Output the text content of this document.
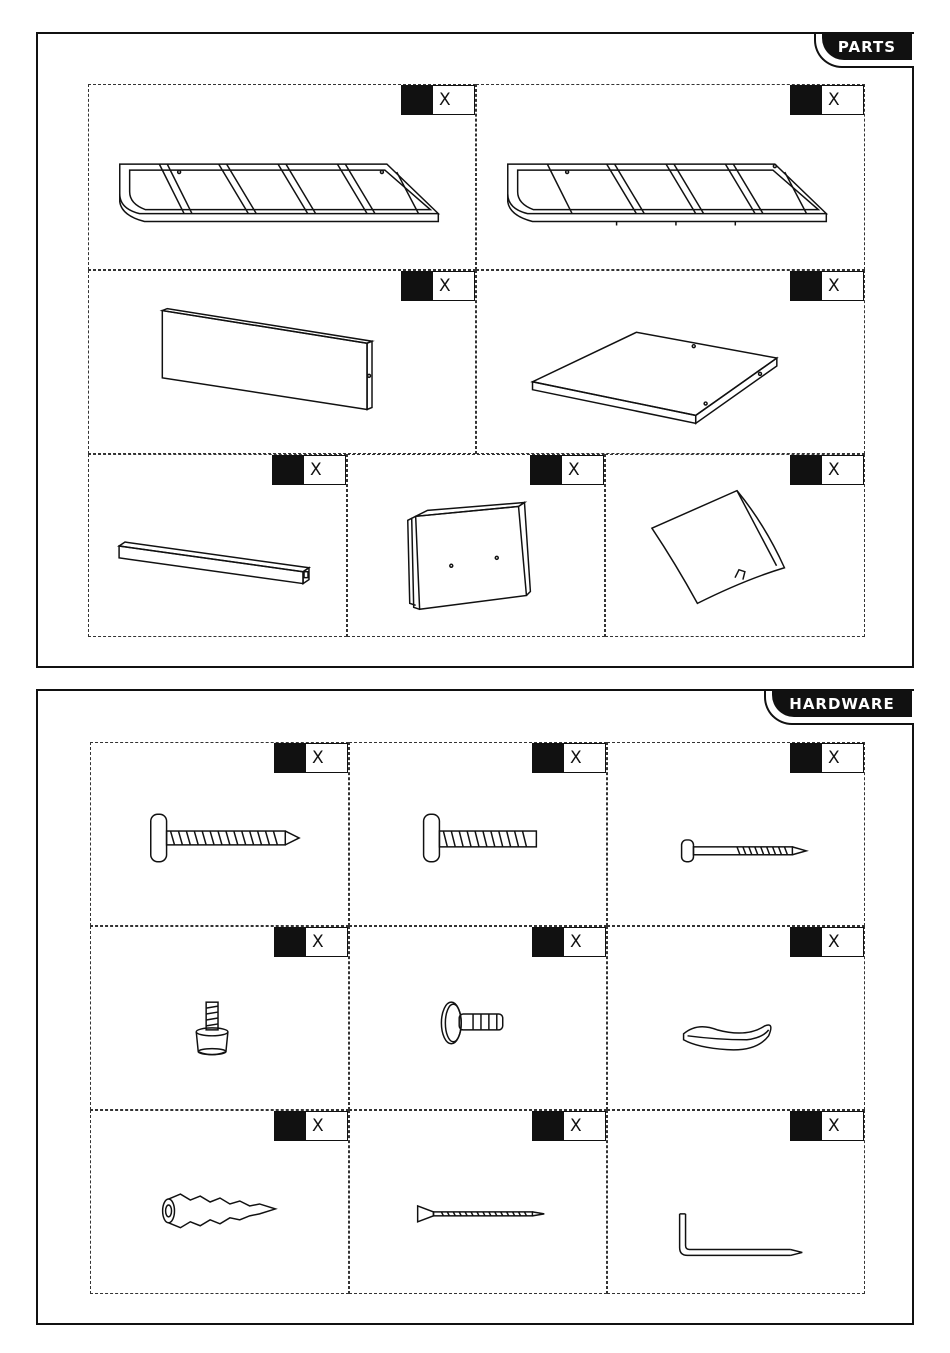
PARTS
X	X
X	X
X	X	X
HARDWARE
X	X	X
X	X	X
X	X	X
